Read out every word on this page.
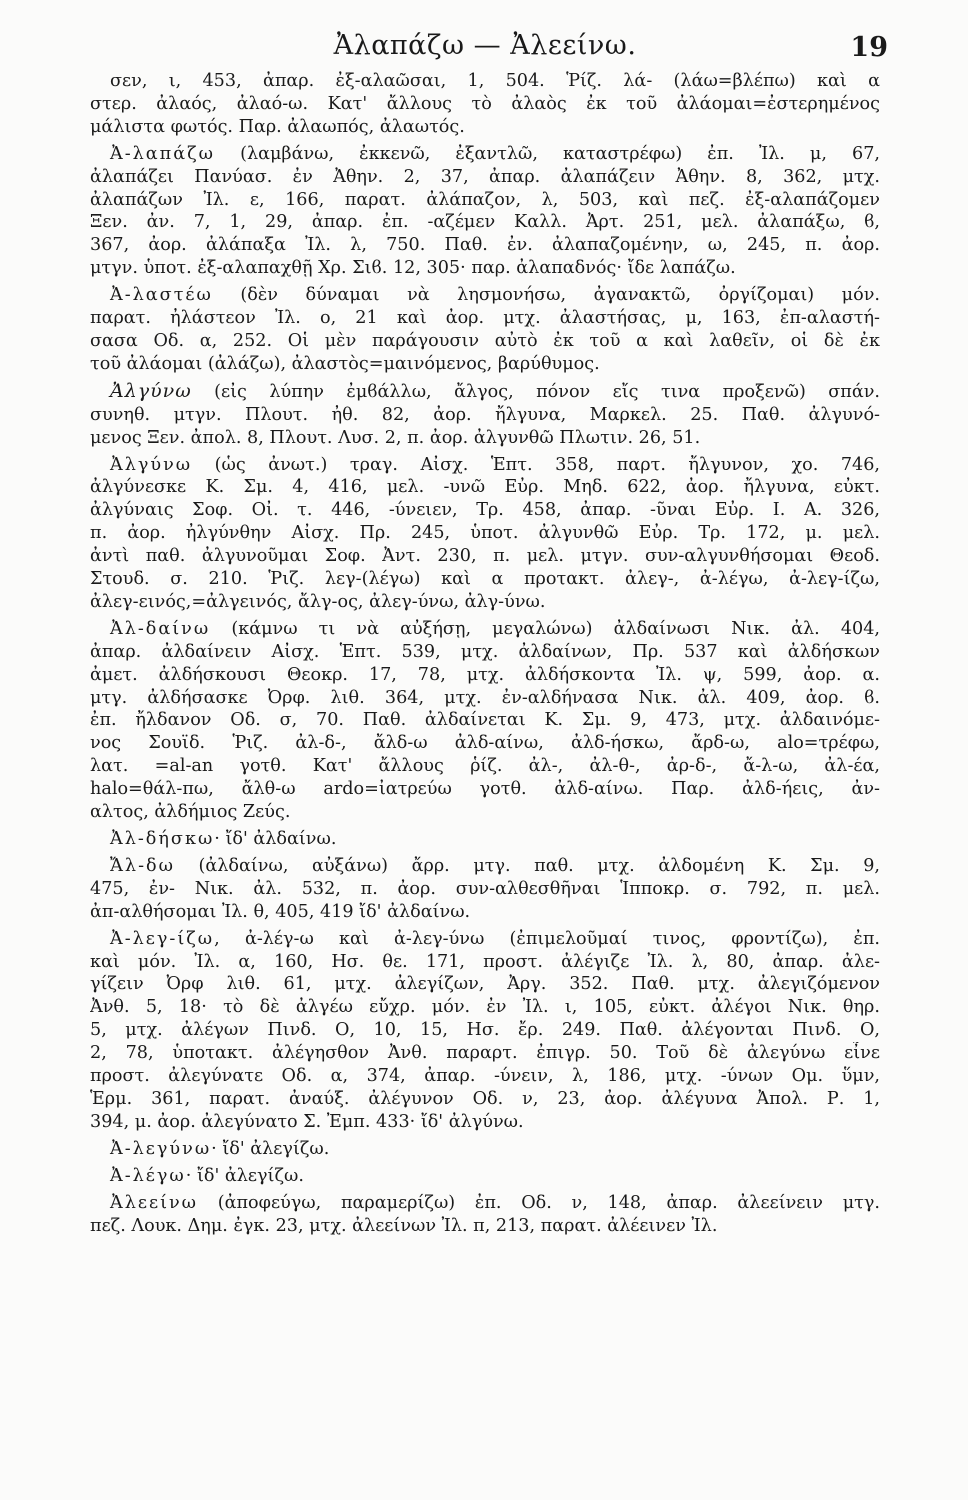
Ἀλαπάζω — Ἀλεείνω.	19
σεν, ι, 453, ἀπαρ. ἐξ-αλαῶσαι, 1, 504. Ῥίζ. λά- (λάω=βλέπω) καὶ α
στερ. ἀλαός, ἀλαό-ω. Κατ' ἄλλους τὸ ἀλαὸς ἐκ τοῦ ἀλάομαι=ἐστερημένος
μάλιστα φωτός. Παρ. ἀλαωπός, ἀλαωτός.
Ἀ-λαπάζω (λαμβάνω, ἐκκενῶ, ἐξαντλῶ, καταστρέφω) ἐπ. Ἰλ. μ, 67,
ἀλαπάζει Πανύασ. ἐν Ἀθην. 2, 37, ἀπαρ. ἀλαπάζειν Ἀθην. 8, 362, μτχ.
ἀλαπάζων Ἰλ. ε, 166, παρατ. ἀλάπαζον, λ, 503, καὶ πεζ. ἐξ-αλαπάζομεν
Ξεν. ἀν. 7, 1, 29, ἀπαρ. ἐπ. -αζέμεν Καλλ. Ἀρτ. 251, μελ. ἀλαπάξω, ϐ,
367, ἀορ. ἀλάπαξα Ἰλ. λ, 750. Παθ. ἐν. ἀλαπαζομένην, ω, 245, π. ἀορ.
μτγν. ὑποτ. ἐξ-αλαπαχθῇ Χρ. Σιϐ. 12, 305· παρ. ἀλαπαδνός· ἴδε λαπάζω.
Ἀ-λαστέω (δὲν δύναμαι νὰ λησμονήσω, ἀγανακτῶ, ὀργίζομαι) μόν.
παρατ. ἠλάστεον Ἰλ. ο, 21 καὶ ἀορ. μτχ. ἀλαστήσας, μ, 163, ἐπ-αλαστή-
σασα Οδ. α, 252. Οἱ μὲν παράγουσιν αὐτὸ ἐκ τοῦ α καὶ λαθεῖν, οἱ δὲ ἐκ
τοῦ ἀλάομαι (ἀλάζω), ἀλαστὸς=μαινόμενος, βαρύθυμος.
Ἀλγύνω (εἰς λύπην ἐμϐάλλω, ἄλγος, πόνον εἴς τινα προξενῶ) σπάν.
συνηθ. μτγν. Πλουτ. ἠθ. 82, ἀορ. ἤλγυνα, Μαρκελ. 25. Παθ. ἀλγυνό-
μενος Ξεν. ἀπολ. 8, Πλουτ. Λυσ. 2, π. ἀορ. ἀλγυνθῶ Πλωτιν. 26, 51.
Ἀλγύνω (ὡς ἀνωτ.) τραγ. Αἰσχ. Ἑπτ. 358, παρτ. ἤλγυνον, χο. 746,
ἀλγύνεσκε Κ. Σμ. 4, 416, μελ. -υνῶ Εὐρ. Μηδ. 622, ἀορ. ἤλγυνα, εὐκτ.
ἀλγύναις Σοφ. Οἰ. τ. 446, -ύνειεν, Τρ. 458, ἀπαρ. -ῦναι Εὐρ. Ι. Α. 326,
π. ἀορ. ἠλγύνθην Αἰσχ. Πρ. 245, ὑποτ. ἀλγυνθῶ Εὐρ. Τρ. 172, μ. μελ.
ἀντὶ παθ. ἀλγυνοῦμαι Σοφ. Ἀντ. 230, π. μελ. μτγν. συν-αλγυνθήσομαι Θεοδ.
Στουδ. σ. 210. Ῥιζ. λεγ-(λέγω) καὶ α προτακτ. ἀλεγ-, ἀ-λέγω, ἀ-λεγ-ίζω,
ἀλεγ-εινός,=ἀλγεινός, ἄλγ-ος, ἀλεγ-ύνω, ἀλγ-ύνω.
Ἀλ-δαίνω (κάμνω τι νὰ αὐξήσῃ, μεγαλώνω) ἀλδαίνωσι Νικ. ἀλ. 404,
ἀπαρ. ἀλδαίνειν Αἰσχ. Ἑπτ. 539, μτχ. ἀλδαίνων, Πρ. 537 καὶ ἀλδήσκων
ἀμετ. ἀλδήσκουσι Θεοκρ. 17, 78, μτχ. ἀλδήσκοντα Ἰλ. ψ, 599, ἀορ. α.
μτγ. ἀλδήσασκε Ὀρφ. λιθ. 364, μτχ. ἐν-αλδήνασα Νικ. ἀλ. 409, ἀορ. ϐ.
ἐπ. ἤλδανον Οδ. σ, 70. Παθ. ἀλδαίνεται Κ. Σμ. 9, 473, μτχ. ἀλδαινόμε-
νος Σουϊδ. Ῥιζ. ἀλ-δ-, ἄλδ-ω ἀλδ-αίνω, ἀλδ-ήσκω, ἄρδ-ω, alo=τρέφω,
λατ. =al-an γοτθ. Κατ' ἄλλους ῥίζ. ἀλ-, ἀλ-θ-, ἀρ-δ-, ἄ-λ-ω, ἀλ-έα,
halo=θάλ-πω, ἄλθ-ω ardo=ἰατρεύω γοτθ. ἀλδ-αίνω. Παρ. ἀλδ-ήεις, ἀν-
αλτος, ἀλδήμιος Ζεύς.
Ἀλ-δήσκω· ἴδ' ἀλδαίνω.
Ἄλ-δω (ἀλδαίνω, αὐξάνω) ἄρρ. μτγ. παθ. μτχ. ἀλδομένη Κ. Σμ. 9,
475, ἐν- Νικ. ἀλ. 532, π. ἀορ. συν-αλθεσθῆναι Ἱπποκρ. σ. 792, π. μελ.
ἀπ-αλθήσομαι Ἰλ. θ, 405, 419 ἴδ' ἀλδαίνω.
Ἀ-λεγ-ίζω, ἀ-λέγ-ω καὶ ἀ-λεγ-ύνω (ἐπιμελοῦμαί τινος, φροντίζω), ἐπ.
καὶ μόν. Ἰλ. α, 160, Ησ. θε. 171, προστ. ἀλέγιζε Ἰλ. λ, 80, ἀπαρ. ἀλε-
γίζειν Ὀρφ λιθ. 61, μτχ. ἀλεγίζων, Ἀργ. 352. Παθ. μτχ. ἀλεγιζόμενον
Ἀνθ. 5, 18· τὸ δὲ ἀλγέω εὔχρ. μόν. ἐν Ἰλ. ι, 105, εὐκτ. ἀλέγοι Νικ. θηρ.
5, μτχ. ἀλέγων Πινδ. Ο, 10, 15, Ησ. ἔρ. 249. Παθ. ἀλέγονται Πινδ. Ο,
2, 78, ὑποτακτ. ἀλέγησθον Ἀνθ. παραρτ. ἐπιγρ. 50. Τοῦ δὲ ἀλεγύνω εἶνε
προστ. ἀλεγύνατε Οδ. α, 374, ἀπαρ. -ύνειν, λ, 186, μτχ. -ύνων Ομ. ὕμν,
Ἑρμ. 361, παρατ. ἀναύξ. ἀλέγυνον Οδ. ν, 23, ἀορ. ἀλέγυνα Ἀπολ. Ρ. 1,
394, μ. ἀορ. ἀλεγύνατο Σ. Ἐμπ. 433· ἴδ' ἀλγύνω.
Ἀ-λεγύνω· ἴδ' ἀλεγίζω.
Ἀ-λέγω· ἴδ' ἀλεγίζω.
Ἀλεείνω (ἀποφεύγω, παραμερίζω) ἐπ. Οδ. ν, 148, ἀπαρ. ἀλεείνειν μτγ.
πεζ. Λουκ. Δημ. ἐγκ. 23, μτχ. ἀλεείνων Ἰλ. π, 213, παρατ. ἀλέεινεν Ἰλ.
